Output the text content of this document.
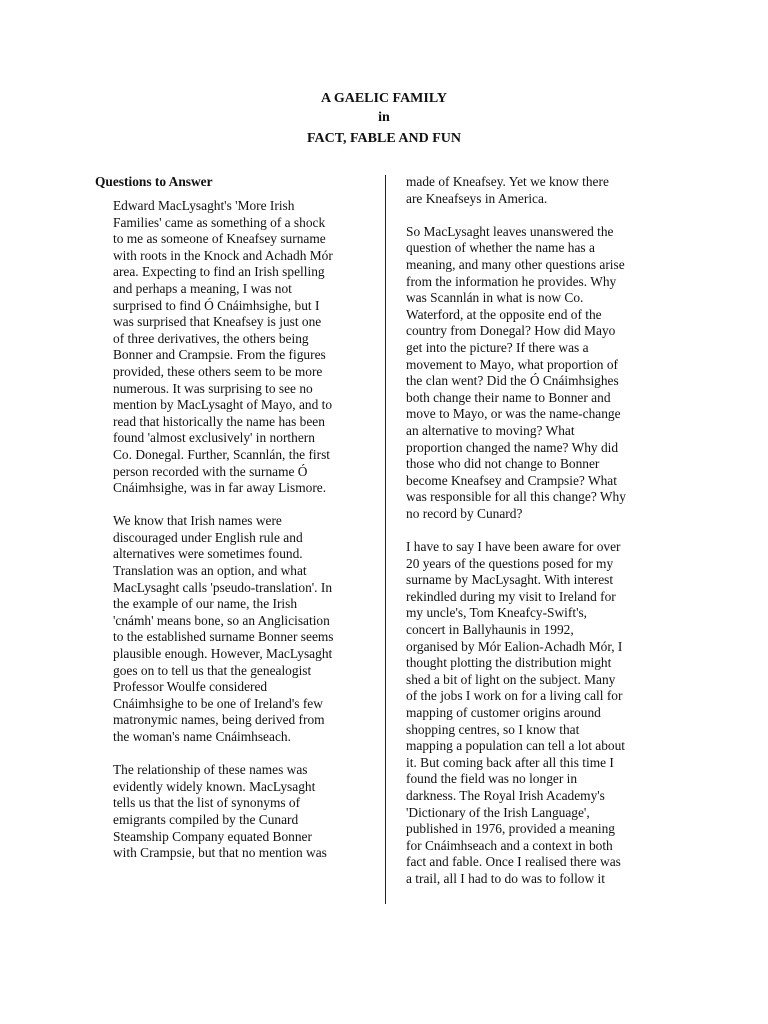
A GAELIC FAMILY
in
FACT, FABLE AND FUN
Questions to Answer
Edward MacLysaght's 'More Irish
Families' came as something of a shock
to me as someone of Kneafsey surname
with roots in the Knock and Achadh Mór
area. Expecting to find an Irish spelling
and perhaps a meaning, I was not
surprised to find Ó Cnáimhsighe, but I
was surprised that Kneafsey is just one
of three derivatives, the others being
Bonner and Crampsie. From the figures
provided, these others seem to be more
numerous. It was surprising to see no
mention by MacLysaght of Mayo, and to
read that historically the name has been
found 'almost exclusively' in northern
Co. Donegal. Further, Scannlán, the first
person recorded with the surname Ó
Cnáimhsighe, was in far away Lismore.
We know that Irish names were
discouraged under English rule and
alternatives were sometimes found.
Translation was an option, and what
MacLysaght calls 'pseudo-translation'. In
the example of our name, the Irish
'cnámh' means bone, so an Anglicisation
to the established surname Bonner seems
plausible enough. However, MacLysaght
goes on to tell us that the genealogist
Professor Woulfe considered
Cnáimhsighe to be one of Ireland's few
matronymic names, being derived from
the woman's name Cnáimhseach.
The relationship of these names was
evidently widely known. MacLysaght
tells us that the list of synonyms of
emigrants compiled by the Cunard
Steamship Company equated Bonner
with Crampsie, but that no mention was
made of Kneafsey. Yet we know there
are Kneafseys in America.
So MacLysaght leaves unanswered the
question of whether the name has a
meaning, and many other questions arise
from the information he provides. Why
was Scannlán in what is now Co.
Waterford, at the opposite end of the
country from Donegal? How did Mayo
get into the picture? If there was a
movement to Mayo, what proportion of
the clan went? Did the Ó Cnáimhsighes
both change their name to Bonner and
move to Mayo, or was the name-change
an alternative to moving? What
proportion changed the name? Why did
those who did not change to Bonner
become Kneafsey and Crampsie? What
was responsible for all this change? Why
no record by Cunard?
I have to say I have been aware for over
20 years of the questions posed for my
surname by MacLysaght. With interest
rekindled during my visit to Ireland for
my uncle's, Tom Kneafcy-Swift's,
concert in Ballyhaunis in 1992,
organised by Mór Ealion-Achadh Mór, I
thought plotting the distribution might
shed a bit of light on the subject. Many
of the jobs I work on for a living call for
mapping of customer origins around
shopping centres, so I know that
mapping a population can tell a lot about
it. But coming back after all this time I
found the field was no longer in
darkness. The Royal Irish Academy's
'Dictionary of the Irish Language',
published in 1976, provided a meaning
for Cnáimhseach and a context in both
fact and fable. Once I realised there was
a trail, all I had to do was to follow it
